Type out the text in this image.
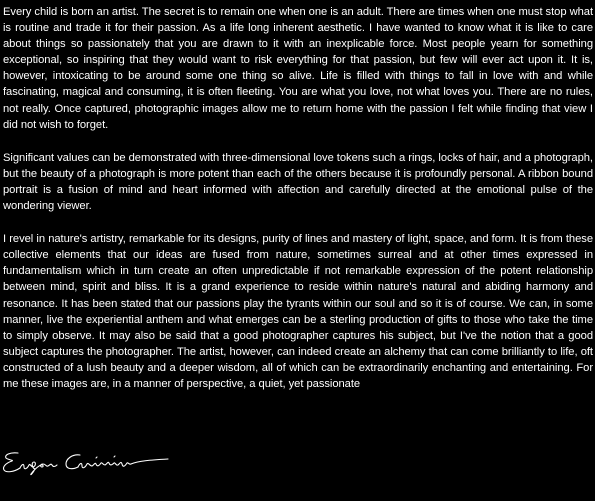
Every child is born an artist. The secret is to remain one when one is an adult. There are times when one must stop what is routine and trade it for their passion. As a life long inherent aesthetic. I have wanted to know what it is like to care about things so passionately that you are drawn to it with an inexplicable force. Most people yearn for something exceptional, so inspiring that they would want to risk everything for that passion, but few will ever act upon it. It is, however, intoxicating to be around some one thing so alive. Life is filled with things to fall in love with and while fascinating, magical and consuming, it is often fleeting. You are what you love, not what loves you. There are no rules, not really. Once captured, photographic images allow me to return home with the passion I felt while finding that view I did not wish to forget.

Significant values can be demonstrated with three-dimensional love tokens such a rings, locks of hair, and a photograph, but the beauty of a photograph is more potent than each of the others because it is profoundly personal. A ribbon bound portrait is a fusion of mind and heart informed with affection and carefully directed at the emotional pulse of the wondering viewer.

I revel in nature's artistry, remarkable for its designs, purity of lines and mastery of light, space, and form. It is from these collective elements that our ideas are fused from nature, sometimes surreal and at other times expressed in fundamentalism which in turn create an often unpredictable if not remarkable expression of the potent relationship between mind, spirit and bliss. It is a grand experience to reside within nature's natural and abiding harmony and resonance. It has been stated that our passions play the tyrants within our soul and so it is of course. We can, in some manner, live the experiential anthem and what emerges can be a sterling production of gifts to those who take the time to simply observe. It may also be said that a good photographer captures his subject, but I've the notion that a good subject captures the photographer. The artist, however, can indeed create an alchemy that can come brilliantly to life, oft constructed of a lush beauty and a deeper wisdom, all of which can be extraordinarily enchanting and entertaining. For me these images are, in a manner of perspective, a quiet, yet passionate
